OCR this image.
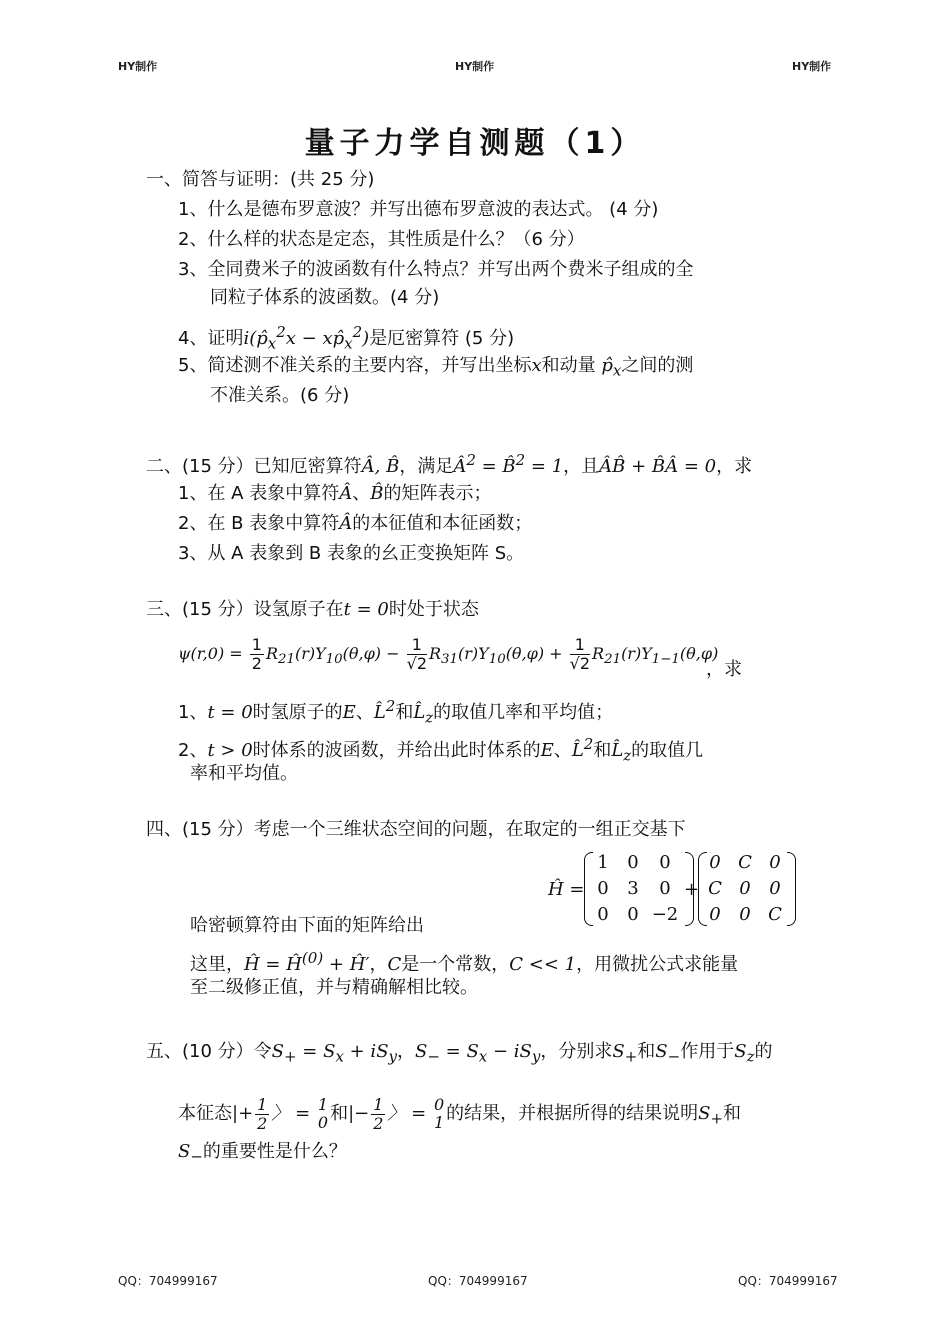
HY制作	HY制作	HY制作
量子力学自测题（1）
一、简答与证明：(共 25 分)
1、什么是德布罗意波？并写出德布罗意波的表达式。 (4 分)
2、什么样的状态是定态，其性质是什么？（6 分）
3、全同费米子的波函数有什么特点？并写出两个费米子组成的全
同粒子体系的波函数。(4 分)
4、证明$i(p̂_x^2x$ − $xp̂_x^2$)是厄密算符 (5 分)
5、简述测不准关系的主要内容，并写出坐标x和动量 $p̂_x$之间的测
不准关系。(6 分)
二、(15 分）已知厄密算符Â, B̂，满足$Â^2$ = B̂$^2$ = 1，且ÂB̂ + B̂Â = 0，求
1、在 A 表象中算符Â、B̂的矩阵表示；
2、在 B 表象中算符Â的本征值和本征函数；
3、从 A 表象到 B 表象的幺正变换矩阵 S。
三、(15 分）设氢原子在t = 0时处于状态
$\psi(r,0) = \frac{1}{2} R_{21}(r)Y_{10}(\theta,\varphi) - \frac{1}{√2} R_{31}(r)Y_{10}(\theta,\varphi) + \frac{1}{√2} R_{21}(r)Y_{1-1}(\theta,\varphi)$
，求
1、t = 0时氢原子的E、L̂$^2$和$L̂_z$的取值几率和平均值；
2、t > 0时体系的波函数，并给出此时体系的E、L̂$^2$和$L̂_z$的取值几
率和平均值。
四、(15 分）考虑一个三维状态空间的问题，在取定的一组正交基下
Ĥ =
1	0	0
0	3	0
0	0 −2
+
0 C 0
C 0	0
0	0 C
哈密顿算符由下面的矩阵给出
这里，Ĥ = $Ĥ^{(0)}$ + Ĥ′，C是一个常数，C << 1，用微扰公式求能量
至二级修正值，并与精确解相比较。
五、(10 分）令$S_+ = S_x + iS_y$，$S_- = S_x - iS_y$，分别求$S_+$和$S_-$作用于$S_z$的
本征态|+ $\frac{1}{2}$ 〉 = 1
0 和|− $\frac{1}{2}$ 〉 = 0
1 的结果，并根据所得的结果说明$S_+$和
$S_-$的重要性是什么？
QQ：704999167	QQ：704999167	QQ：704999167
